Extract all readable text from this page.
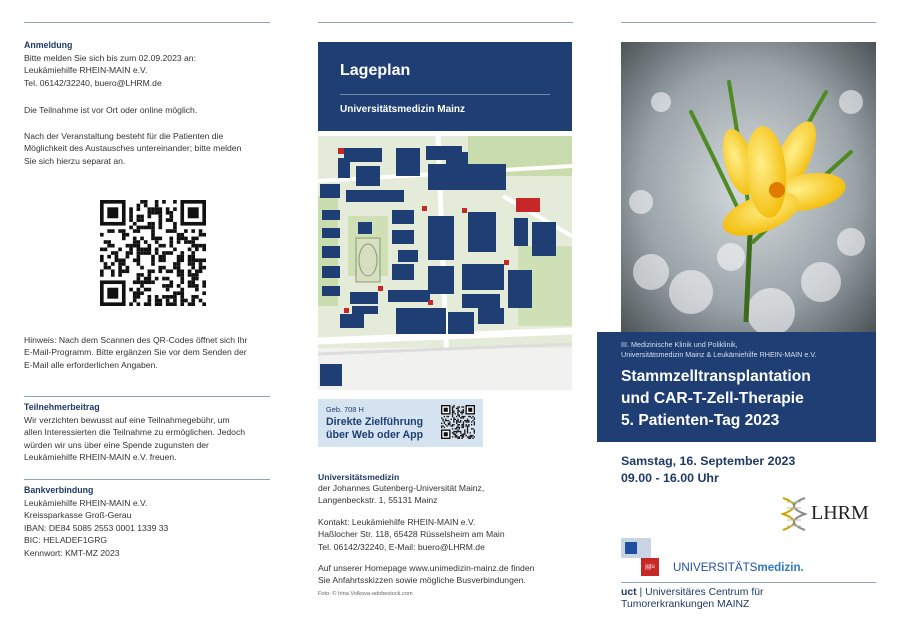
Anmeldung
Bitte melden Sie sich bis zum 02.09.2023 an:
Leukämiehilfe RHEIN-MAIN e.V.
Tel. 06142/32240, buero@LHRM.de
Die Teilnahme ist vor Ort oder online möglich.
Nach der Veranstaltung besteht für die Patienten die
Möglichkeit des Austausches untereinander; bitte melden
Sie sich hierzu separat an.
Hinweis: Nach dem Scannen des QR-Codes öffnet sich Ihr
E-Mail-Programm. Bitte ergänzen Sie vor dem Senden der
E-Mail alle erforderlichen Angaben.
Teilnehmerbeitrag
Wir verzichten bewusst auf eine Teilnahmegebühr, um
allen Interessierten die Teilnahme zu ermöglichen. Jedoch
würden wir uns über eine Spende zugunsten der
Leukämiehilfe RHEIN-MAIN e.V. freuen.
Bankverbindung
Leukämiehilfe RHEIN-MAIN e.V.
Kreissparkasse Groß-Gerau
IBAN: DE84 5085 2553 0001 1339 33
BIC: HELADEF1GRG
Kennwort: KMT-MZ 2023
Lageplan
Universitätsmedizin Mainz
Geb. 708 H
Direkte Zielführung
über Web oder App
Universitätsmedizin
der Johannes Gutenberg-Universität Mainz,
Langenbeckstr. 1, 55131 Mainz
Kontakt: Leukämiehilfe RHEIN-MAIN e.V.
Haßlocher Str. 118, 65428 Rüsselsheim am Main
Tel. 06142/32240, E-Mail: buero@LHRM.de
Auf unserer Homepage www.unimedizin-mainz.de finden
Sie Anfahrtsskizzen sowie mögliche Busverbindungen.
Foto: © Irina Volkova-adobestock.com
III. Medizinische Klinik und Poliklinik,
Universitätsmedizin Mainz & Leukämiehilfe RHEIN-MAIN e.V.
Stammzelltransplantation
und CAR-T-Zell-Therapie
5. Patienten-Tag 2023
Samstag, 16. September 2023
09.00 - 16.00 Uhr
LHRM
jg|u	UNIVERSITÄTSmedizin.
uct | Universitäres Centrum für
Tumorerkrankungen MAINZ
